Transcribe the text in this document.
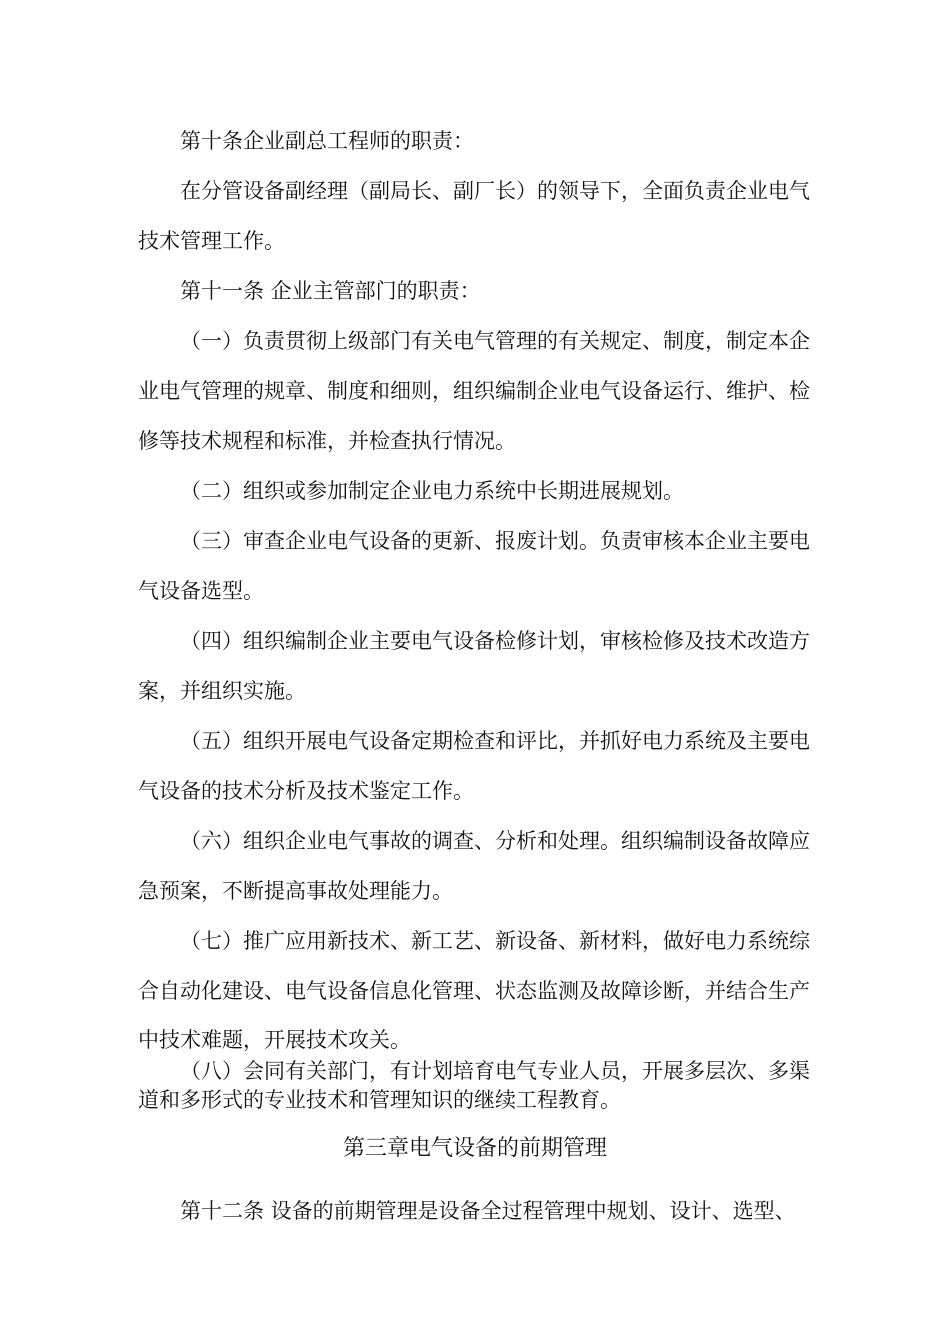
第十条企业副总工程师的职责：

在分管设备副经理（副局长、副厂长）的领导下，全面负责企业电气

技术管理工作。

第十一条 企业主管部门的职责：

（一）负责贯彻上级部门有关电气管理的有关规定、制度，制定本企

业电气管理的规章、制度和细则，组织编制企业电气设备运行、维护、检

修等技术规程和标准，并检查执行情况。

（二）组织或参加制定企业电力系统中长期进展规划。

（三）审查企业电气设备的更新、报废计划。负责审核本企业主要电

气设备选型。

（四）组织编制企业主要电气设备检修计划，审核检修及技术改造方

案，并组织实施。

（五）组织开展电气设备定期检查和评比，并抓好电力系统及主要电

气设备的技术分析及技术鉴定工作。

（六）组织企业电气事故的调查、分析和处理。组织编制设备故障应

急预案，不断提高事故处理能力。

（七）推广应用新技术、新工艺、新设备、新材料，做好电力系统综

合自动化建设、电气设备信息化管理、状态监测及故障诊断，并结合生产

中技术难题，开展技术攻关。

（八）会同有关部门，有计划培育电气专业人员，开展多层次、多渠

道和多形式的专业技术和管理知识的继续工程教育。

第三章电气设备的前期管理

第十二条 设备的前期管理是设备全过程管理中规划、设计、选型、
